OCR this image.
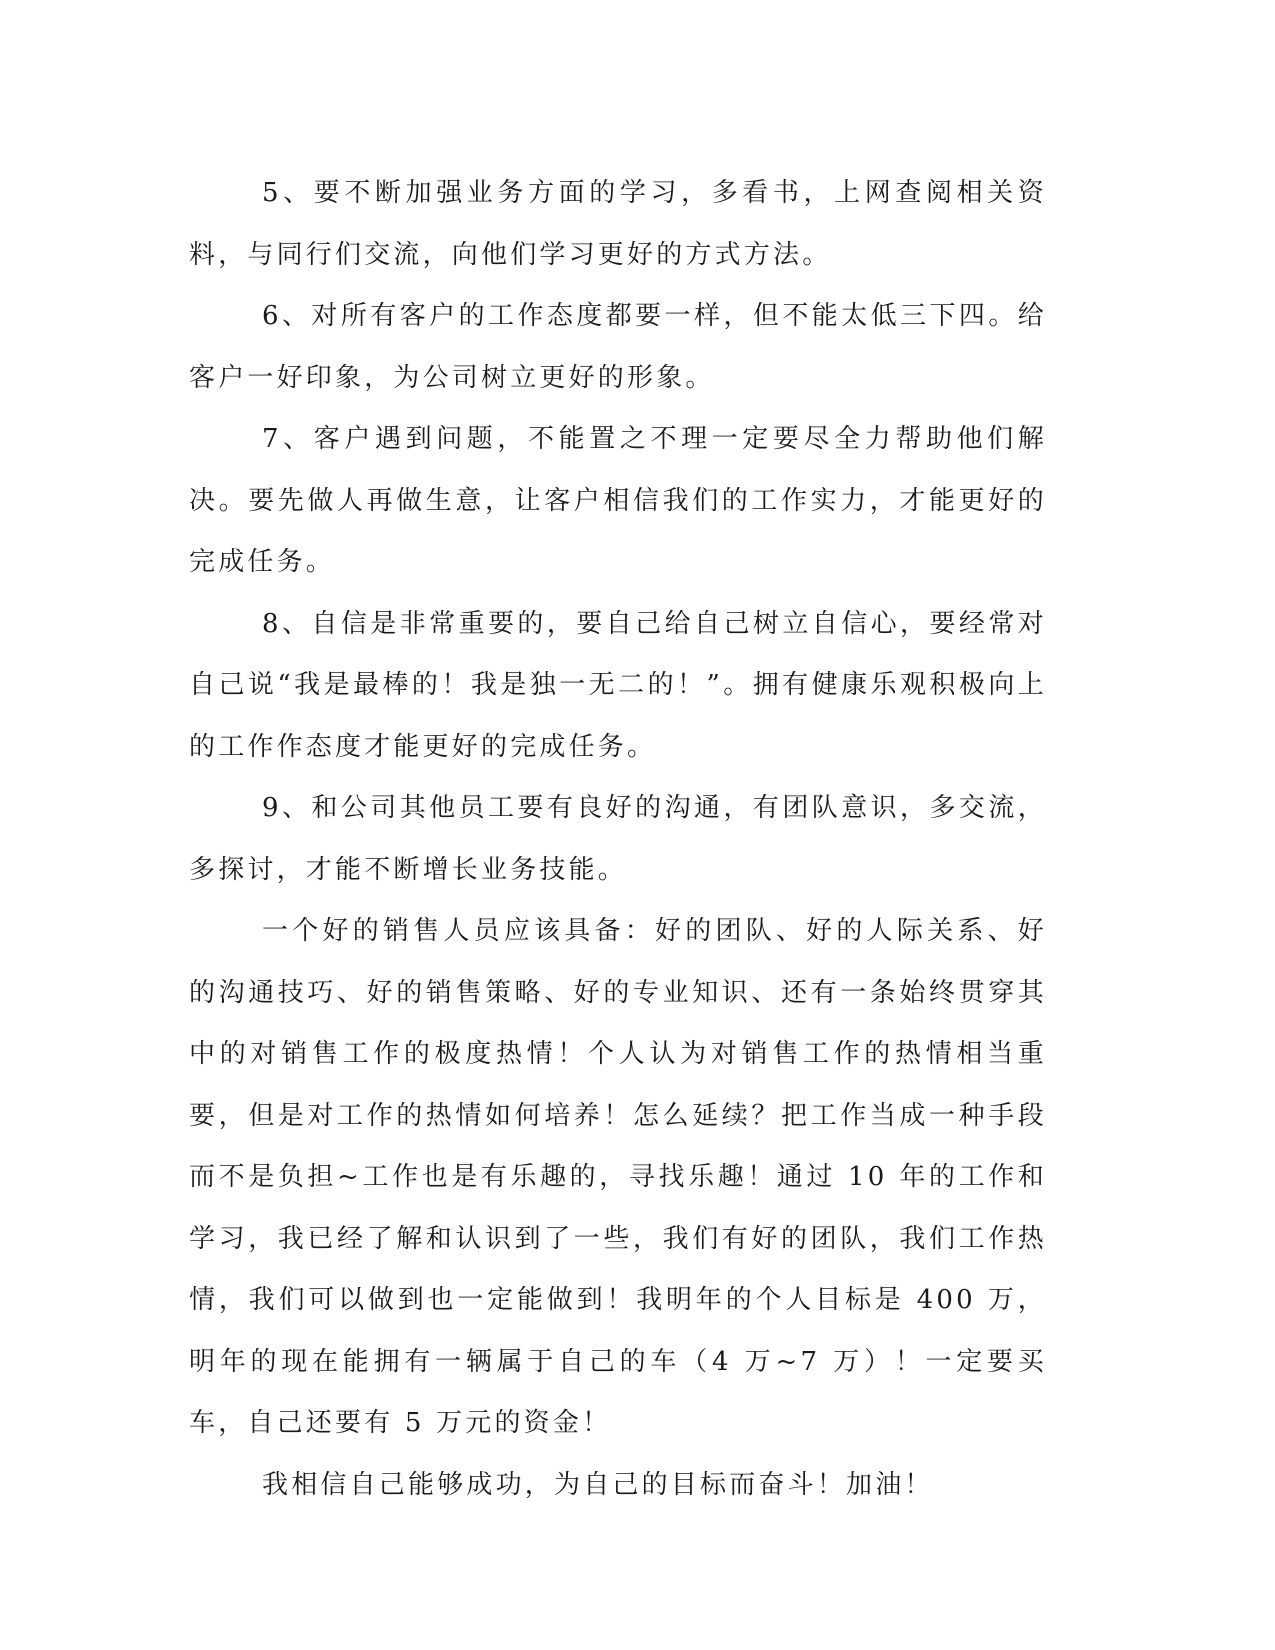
5、要不断加强业务方面的学习，多看书，上网查阅相关资料，与同行们交流，向他们学习更好的方式方法。

6、对所有客户的工作态度都要一样，但不能太低三下四。给客户一好印象，为公司树立更好的形象。

7、客户遇到问题，不能置之不理一定要尽全力帮助他们解决。要先做人再做生意，让客户相信我们的工作实力，才能更好的完成任务。

8、自信是非常重要的，要自己给自己树立自信心，要经常对自己说“我是最棒的！我是独一无二的！”。拥有健康乐观积极向上的工作作态度才能更好的完成任务。

9、和公司其他员工要有良好的沟通，有团队意识，多交流，多探讨，才能不断增长业务技能。

一个好的销售人员应该具备：好的团队、好的人际关系、好的沟通技巧、好的销售策略、好的专业知识、还有一条始终贯穿其中的对销售工作的极度热情！个人认为对销售工作的热情相当重要，但是对工作的热情如何培养！怎么延续？把工作当成一种手段而不是负担~工作也是有乐趣的，寻找乐趣！通过 10 年的工作和学习，我已经了解和认识到了一些，我们有好的团队，我们工作热情，我们可以做到也一定能做到！我明年的个人目标是 400 万，明年的现在能拥有一辆属于自己的车（4 万~7 万）！一定要买车，自己还要有 5 万元的资金！

我相信自己能够成功，为自己的目标而奋斗！加油！
